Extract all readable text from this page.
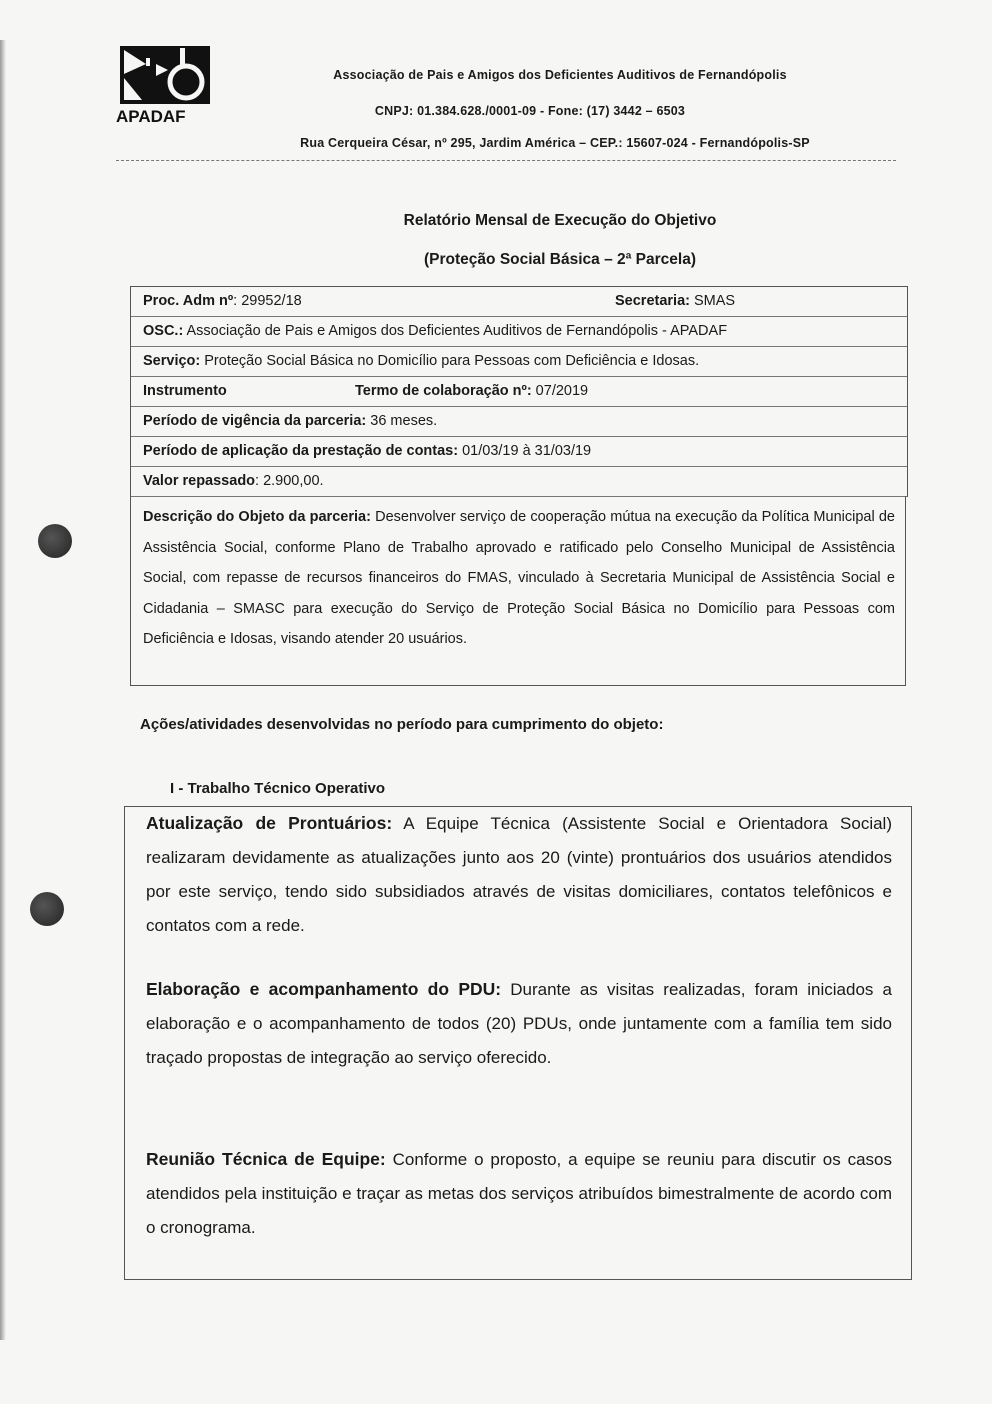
APADAF
Associação de Pais e Amigos dos Deficientes Auditivos de Fernandópolis
CNPJ: 01.384.628./0001-09 - Fone: (17) 3442 – 6503
Rua Cerqueira César, nº 295, Jardim América – CEP.: 15607-024 - Fernandópolis-SP
Relatório Mensal de Execução do Objetivo
(Proteção Social Básica – 2ª Parcela)
Proc. Adm nº: 29952/18	Secretaria: SMAS
OSC.: Associação de Pais e Amigos dos Deficientes Auditivos de Fernandópolis - APADAF
Serviço: Proteção Social Básica no Domicílio para Pessoas com Deficiência e Idosas.
Instrumento	Termo de colaboração nº: 07/2019
Período de vigência da parceria: 36 meses.
Período de aplicação da prestação de contas: 01/03/19 à 31/03/19
Valor repassado: 2.900,00.
Descrição do Objeto da parceria: Desenvolver serviço de cooperação mútua na execução da Política Municipal de Assistência Social, conforme Plano de Trabalho aprovado e ratificado pelo Conselho Municipal de Assistência Social, com repasse de recursos financeiros do FMAS, vinculado à Secretaria Municipal de Assistência Social e Cidadania – SMASC para execução do Serviço de Proteção Social Básica no Domicílio para Pessoas com Deficiência e Idosas, visando atender 20 usuários.
Ações/atividades desenvolvidas no período para cumprimento do objeto:
I - Trabalho Técnico Operativo
Atualização de Prontuários: A Equipe Técnica (Assistente Social e Orientadora Social) realizaram devidamente as atualizações junto aos 20 (vinte) prontuários dos usuários atendidos por este serviço, tendo sido subsidiados através de visitas domiciliares, contatos telefônicos e contatos com a rede.
Elaboração e acompanhamento do PDU: Durante as visitas realizadas, foram iniciados a elaboração e o acompanhamento de todos (20) PDUs, onde juntamente com a família tem sido traçado propostas de integração ao serviço oferecido.
Reunião Técnica de Equipe: Conforme o proposto, a equipe se reuniu para discutir os casos atendidos pela instituição e traçar as metas dos serviços atribuídos bimestralmente de acordo com o cronograma.
